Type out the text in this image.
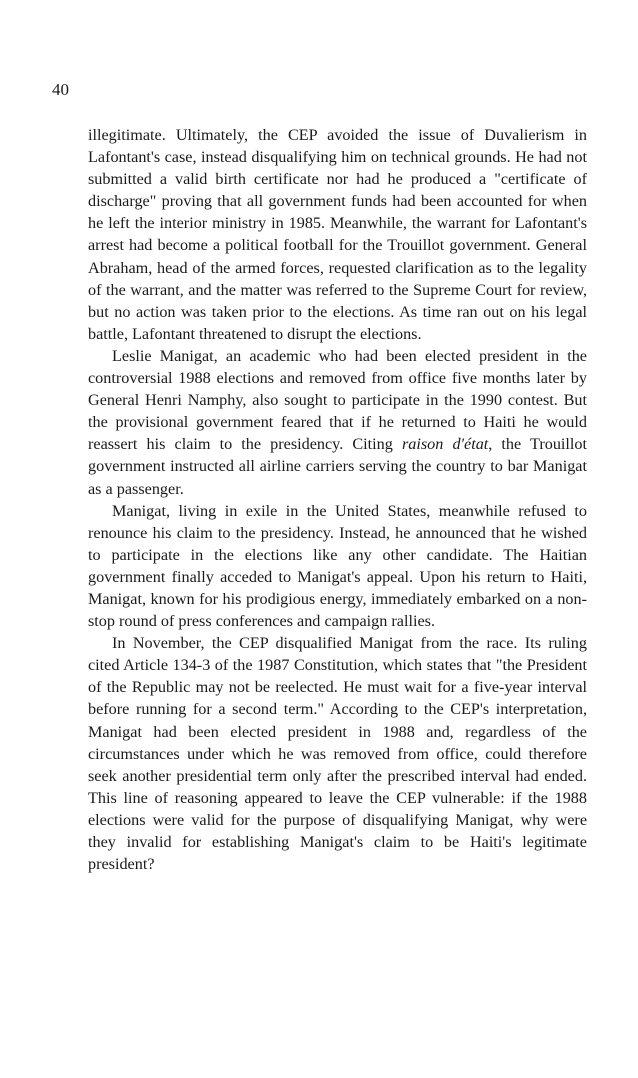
40

illegitimate. Ultimately, the CEP avoided the issue of Duvalierism in Lafontant's case, instead disqualifying him on technical grounds. He had not submitted a valid birth certificate nor had he produced a "certificate of discharge" proving that all government funds had been accounted for when he left the interior ministry in 1985. Meanwhile, the warrant for Lafontant's arrest had become a political football for the Trouillot government. General Abraham, head of the armed forces, requested clarification as to the legality of the warrant, and the matter was referred to the Supreme Court for review, but no action was taken prior to the elections. As time ran out on his legal battle, Lafontant threatened to disrupt the elections.

Leslie Manigat, an academic who had been elected president in the controversial 1988 elections and removed from office five months later by General Henri Namphy, also sought to participate in the 1990 contest. But the provisional government feared that if he returned to Haiti he would reassert his claim to the presidency. Citing raison d'état, the Trouillot government instructed all airline carriers serving the country to bar Manigat as a passenger.

Manigat, living in exile in the United States, meanwhile refused to renounce his claim to the presidency. Instead, he announced that he wished to participate in the elections like any other candidate. The Haitian government finally acceded to Manigat's appeal. Upon his return to Haiti, Manigat, known for his prodigious energy, immediately embarked on a non-stop round of press conferences and campaign rallies.

In November, the CEP disqualified Manigat from the race. Its ruling cited Article 134-3 of the 1987 Constitution, which states that "the President of the Republic may not be reelected. He must wait for a five-year interval before running for a second term." According to the CEP's interpretation, Manigat had been elected president in 1988 and, regardless of the circumstances under which he was removed from office, could therefore seek another presidential term only after the prescribed interval had ended. This line of reasoning appeared to leave the CEP vulnerable: if the 1988 elections were valid for the purpose of disqualifying Manigat, why were they invalid for establishing Manigat's claim to be Haiti's legitimate president?
